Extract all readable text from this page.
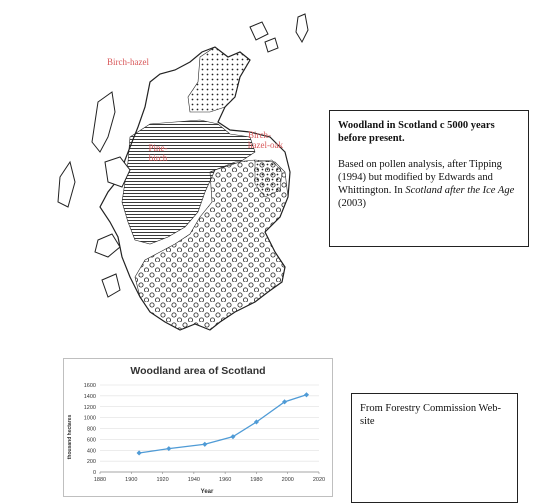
Birch-hazel
Pine-birch
Birch-hazel-oak
Woodland in Scotland c 5000 years before present.
Based on pollen analysis, after Tipping (1994) but modified by Edwards and Whittington. In Scotland after the Ice Age (2003)
Woodland area of Scotland
0
200
400
600
800
1000
1200
1400
1600
1880	1900	1920	1940	1960	1980	2000	2020
thousand hectares
Year
From Forestry Commission Web-site
